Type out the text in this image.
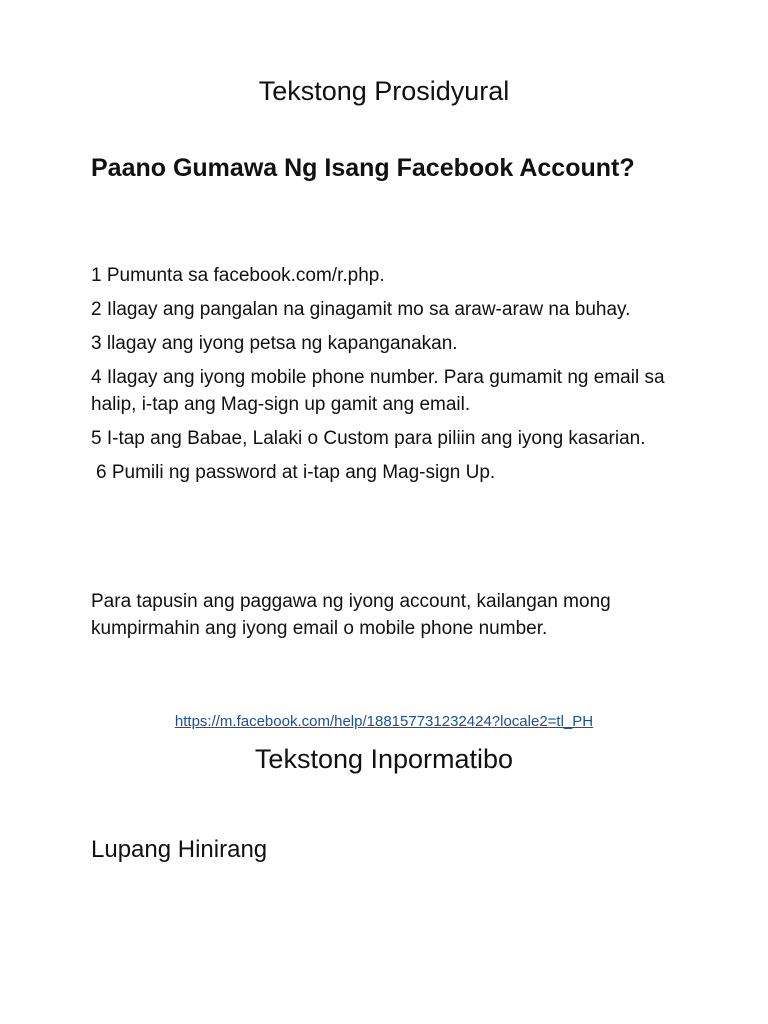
Tekstong Prosidyural
Paano Gumawa Ng Isang Facebook Account?
1 Pumunta sa facebook.com/r.php.
2 Ilagay ang pangalan na ginagamit mo sa araw-araw na buhay.
3 llagay ang iyong petsa ng kapanganakan.
4 Ilagay ang iyong mobile phone number. Para gumamit ng email sa halip, i-tap ang Mag-sign up gamit ang email.
5 I-tap ang Babae, Lalaki o Custom para piliin ang iyong kasarian.
6 Pumili ng password at i-tap ang Mag-sign Up.

Para tapusin ang paggawa ng iyong account, kailangan mong kumpirmahin ang iyong email o mobile phone number.

https://m.facebook.com/help/188157731232424?locale2=tl_PH

Tekstong Inpormatibo
Lupang Hinirang
